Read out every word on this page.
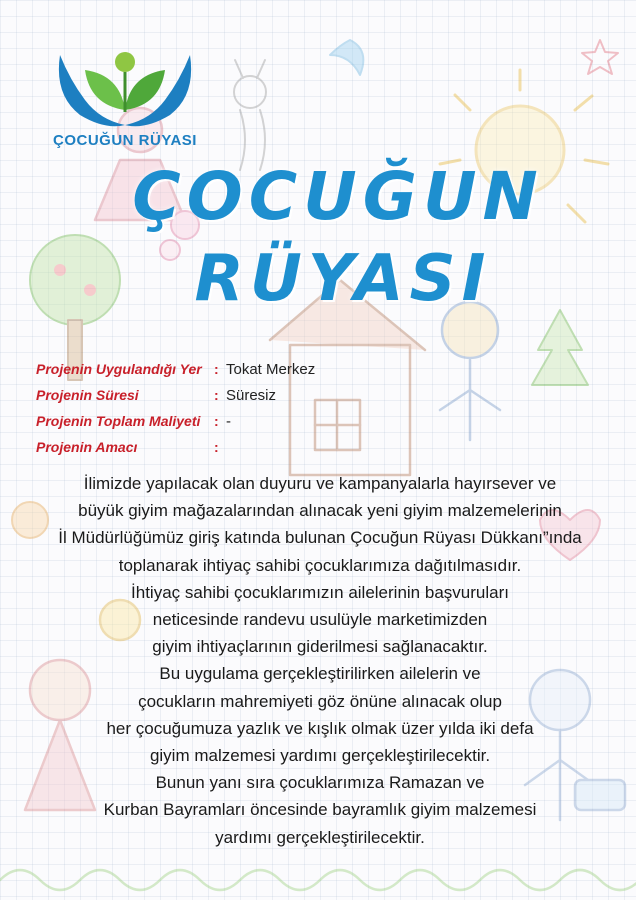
ÇOCUĞUN RÜYASI
ÇOCUĞUN
RÜYASI
Projenin Uygulandığı Yer : Tokat Merkez
Projenin Süresi	: Süresiz
Projenin Toplam Maliyeti : -
Projenin Amacı	:
İlimizde yapılacak olan duyuru ve kampanyalarla hayırsever ve
büyük giyim mağazalarından alınacak yeni giyim malzemelerinin
İl Müdürlüğümüz giriş katında bulunan Çocuğun Rüyası Dükkanı”ında
toplanarak ihtiyaç sahibi çocuklarımıza dağıtılmasıdır.
İhtiyaç sahibi çocuklarımızın ailelerinin başvuruları
neticesinde randevu usulüyle marketimizden
giyim ihtiyaçlarının giderilmesi sağlanacaktır.
Bu uygulama gerçekleştirilirken ailelerin ve
çocukların mahremiyeti göz önüne alınacak olup
her çocuğumuza yazlık ve kışlık olmak üzer yılda iki defa
giyim malzemesi yardımı gerçekleştirilecektir.
Bunun yanı sıra çocuklarımıza Ramazan ve
Kurban Bayramları öncesinde bayramlık giyim malzemesi
yardımı gerçekleştirilecektir.
